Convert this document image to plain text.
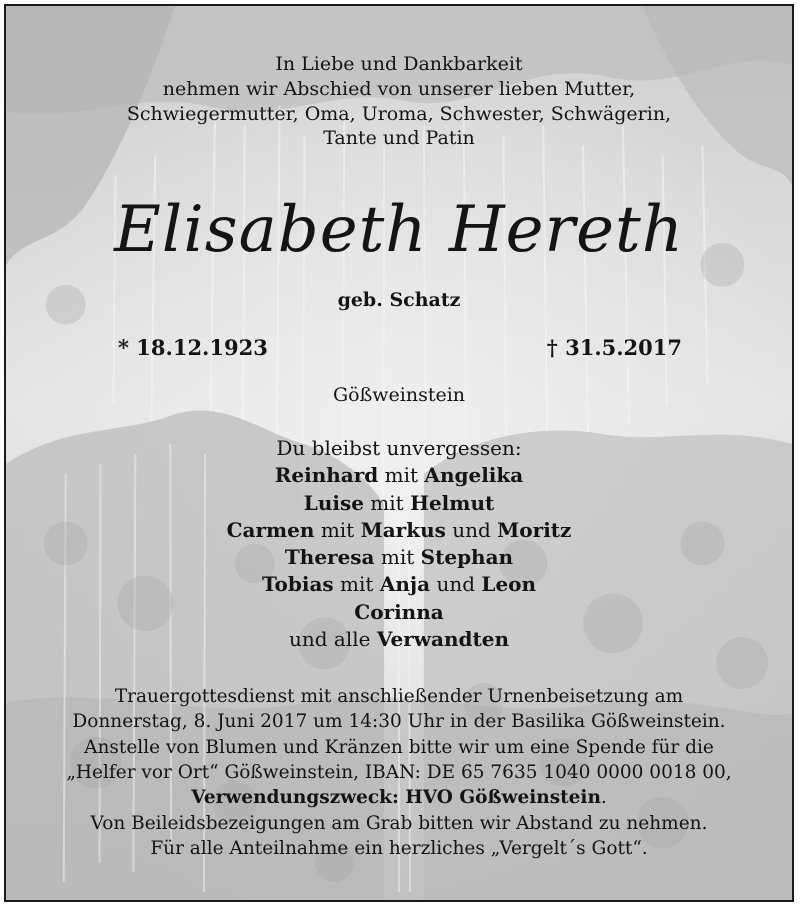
In Liebe und Dankbarkeit
nehmen wir Abschied von unserer lieben Mutter,
Schwiegermutter, Oma, Uroma, Schwester, Schwägerin,
Tante und Patin
Elisabeth Hereth
geb. Schatz
* 18.12.1923	† 31.5.2017
Gößweinstein
Du bleibst unvergessen:
Reinhard mit Angelika
Luise mit Helmut
Carmen mit Markus und Moritz
Theresa mit Stephan
Tobias mit Anja und Leon
Corinna
und alle Verwandten
Trauergottesdienst mit anschließender Urnenbeisetzung am
Donnerstag, 8. Juni 2017 um 14:30 Uhr in der Basilika Gößweinstein.
Anstelle von Blumen und Kränzen bitte wir um eine Spende für die
„Helfer vor Ort“ Gößweinstein, IBAN: DE 65 7635 1040 0000 0018 00,
Verwendungszweck: HVO Gößweinstein.
Von Beileidsbezeigungen am Grab bitten wir Abstand zu nehmen.
Für alle Anteilnahme ein herzliches „Vergelt´s Gott“.
